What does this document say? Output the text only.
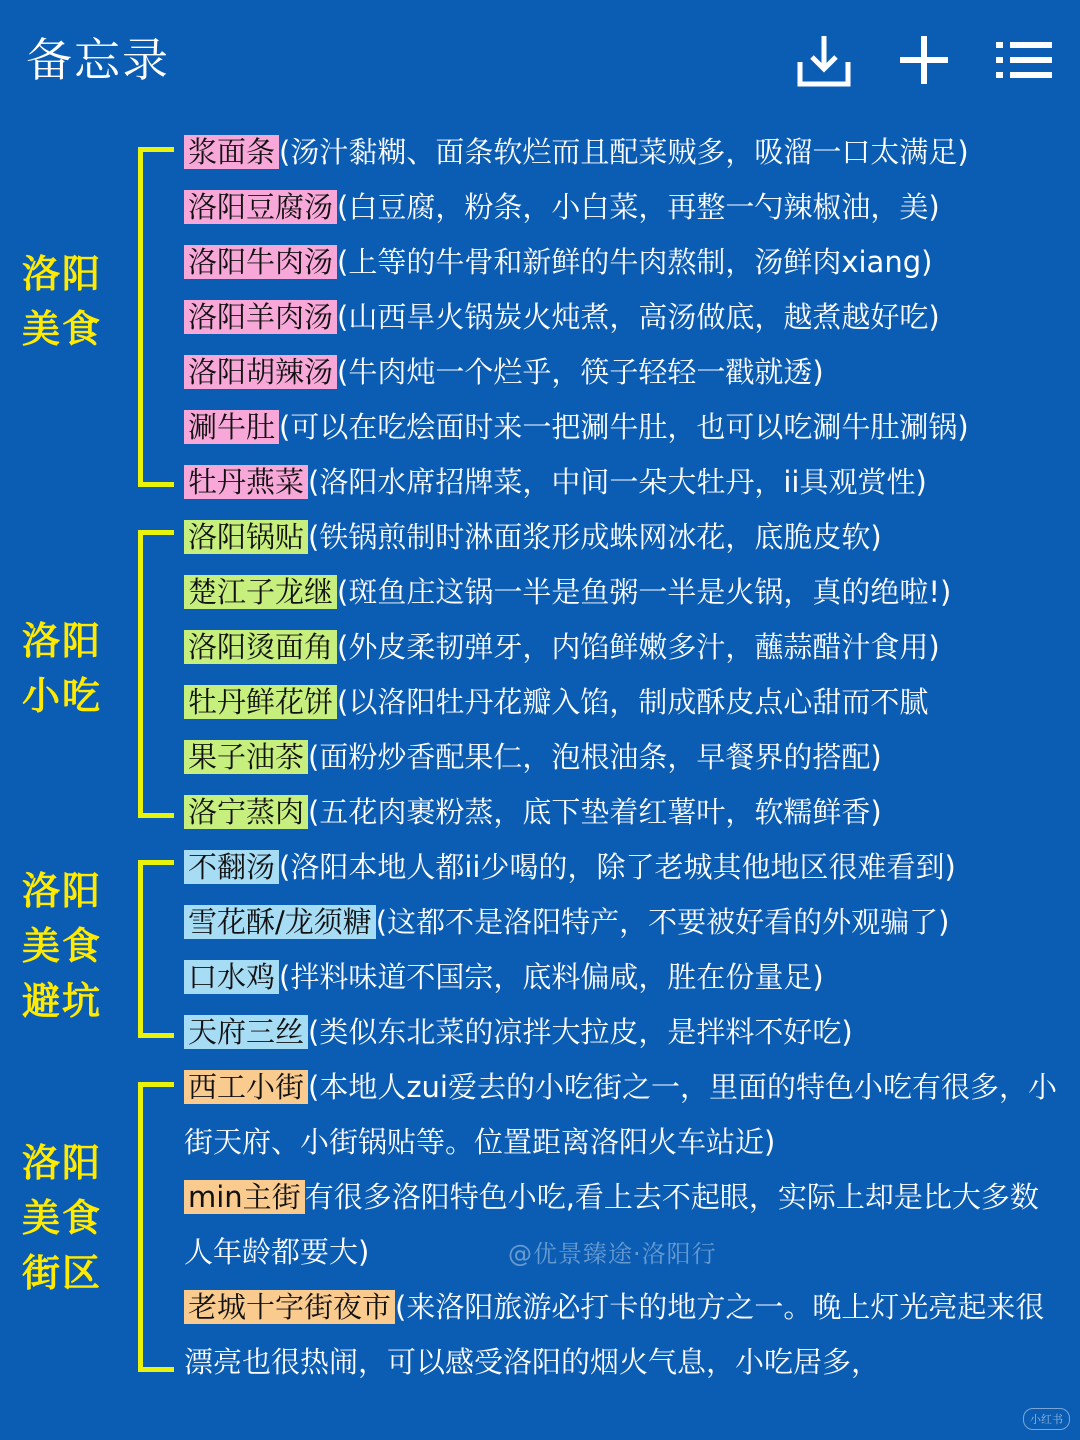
备忘录
洛阳
美食
浆面条 (汤汁黏糊、面条软烂而且配菜贼多，吸溜一口太满足)
洛阳豆腐汤 (白豆腐，粉条，小白菜，再整一勺辣椒油，美)
洛阳牛肉汤 (上等的牛骨和新鲜的牛肉熬制，汤鲜肉xiang)
洛阳羊肉汤 (山西旱火锅炭火炖煮，高汤做底，越煮越好吃)
洛阳胡辣汤 (牛肉炖一个烂乎，筷子轻轻一戳就透)
涮牛肚 (可以在吃烩面时来一把涮牛肚，也可以吃涮牛肚涮锅)
牡丹燕菜 (洛阳水席招牌菜，中间一朵大牡丹，ii具观赏性)
洛阳
小吃
洛阳锅贴 (铁锅煎制时淋面浆形成蛛网冰花，底脆皮软)
楚江子龙继 (斑鱼庄这锅一半是鱼粥一半是火锅，真的绝啦!)
洛阳烫面角 (外皮柔韧弹牙，内馅鲜嫩多汁，蘸蒜醋汁食用)
牡丹鲜花饼 (以洛阳牡丹花瓣入馅，制成酥皮点心甜而不腻
果子油茶 (面粉炒香配果仁，泡根油条，早餐界的搭配)
洛宁蒸肉 (五花肉裹粉蒸，底下垫着红薯叶，软糯鲜香)
洛阳
美食
避坑
不翻汤 (洛阳本地人都ii少喝的，除了老城其他地区很难看到)
雪花酥/龙须糖 (这都不是洛阳特产，不要被好看的外观骗了)
口水鸡 (拌料味道不国宗，底料偏咸，胜在份量足)
天府三丝 (类似东北菜的凉拌大拉皮，是拌料不好吃)
洛阳
美食
街区
西工小街 (本地人zui爱去的小吃街之一，里面的特色小吃有很多，小街天府、小街锅贴等。位置距离洛阳火车站近)
min主街 有很多洛阳特色小吃,看上去不起眼，实际上却是比大多数人年龄都要大)
老城十字街夜市 (来洛阳旅游必打卡的地方之一。晚上灯光亮起来很漂亮也很热闹，可以感受洛阳的烟火气息，小吃居多，
@优景臻途·洛阳行
小红书
